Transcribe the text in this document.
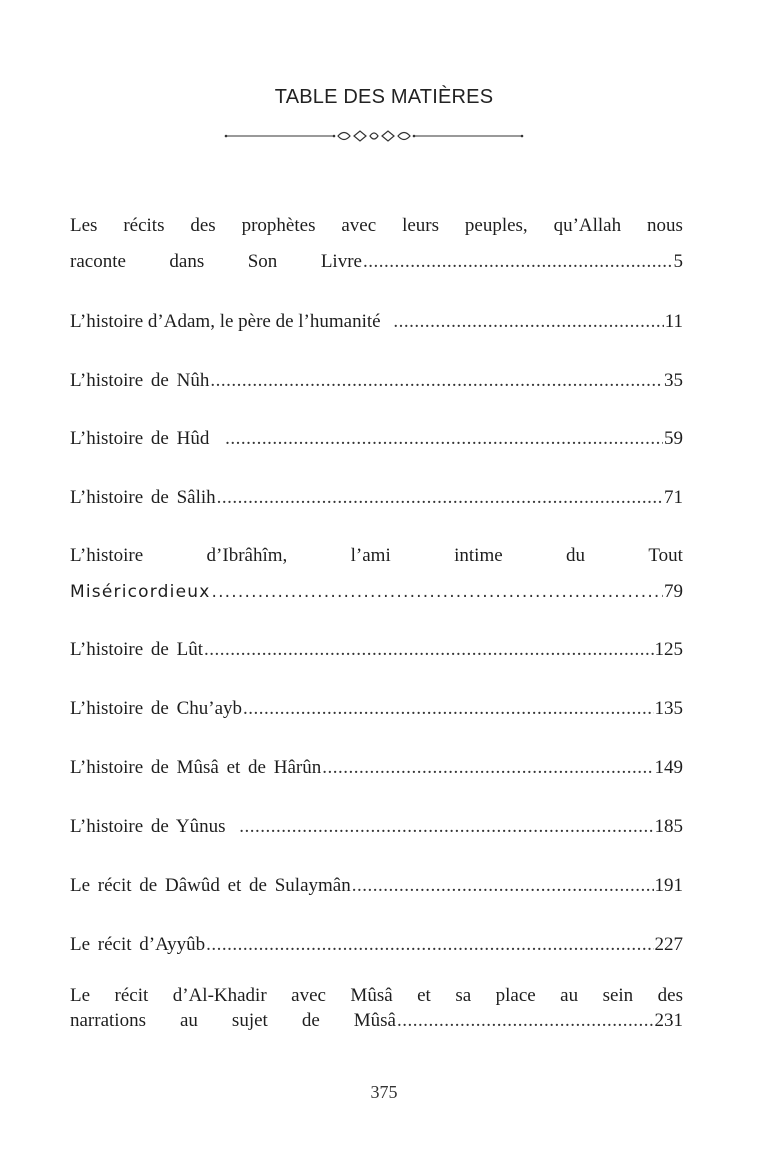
TABLE DES MATIÈRES
Les récits des prophètes avec leurs peuples, qu’Allah nous
raconte dans Son Livre .....	5
L’histoire d’Adam, le père de l’humanité .....	11
L’histoire de Nûh .....	35
L’histoire de Hûd .....	59
L’histoire de Sâlih .....	71
L’histoire	d’Ibrâhîm,	l’ami	intime	du	Tout
Miséricordieux .....	79
L’histoire de Lût .....	125
L’histoire de Chu’ayb .....	135
L’histoire de Mûsâ et de Hârûn .....	149
L’histoire de Yûnus .....	185
Le récit de Dâwûd et de Sulaymân .....	191
Le récit d’Ayyûb .....	227
Le récit d’Al-Khadir avec Mûsâ et sa place au sein des
narrations au sujet de Mûsâ .....	231
375
